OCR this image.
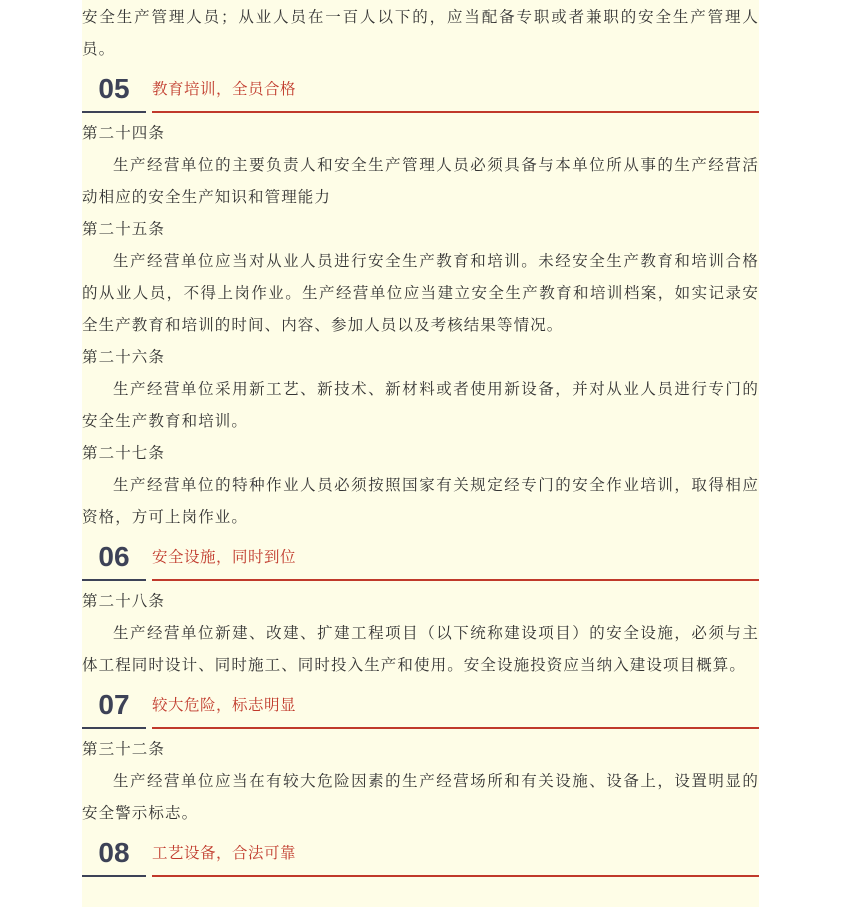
安全生产管理人员；从业人员在一百人以下的，应当配备专职或者兼职的安全生产管理人员。

05	教育培训，全员合格

第二十四条

生产经营单位的主要负责人和安全生产管理人员必须具备与本单位所从事的生产经营活动相应的安全生产知识和管理能力

第二十五条

生产经营单位应当对从业人员进行安全生产教育和培训。未经安全生产教育和培训合格的从业人员，不得上岗作业。生产经营单位应当建立安全生产教育和培训档案，如实记录安全生产教育和培训的时间、内容、参加人员以及考核结果等情况。

第二十六条

生产经营单位采用新工艺、新技术、新材料或者使用新设备，并对从业人员进行专门的安全生产教育和培训。

第二十七条

生产经营单位的特种作业人员必须按照国家有关规定经专门的安全作业培训，取得相应资格，方可上岗作业。

06	安全设施，同时到位

第二十八条

生产经营单位新建、改建、扩建工程项目（以下统称建设项目）的安全设施，必须与主体工程同时设计、同时施工、同时投入生产和使用。安全设施投资应当纳入建设项目概算。

07	较大危险，标志明显

第三十二条

生产经营单位应当在有较大危险因素的生产经营场所和有关设施、设备上，设置明显的安全警示标志。

08	工艺设备，合法可靠
